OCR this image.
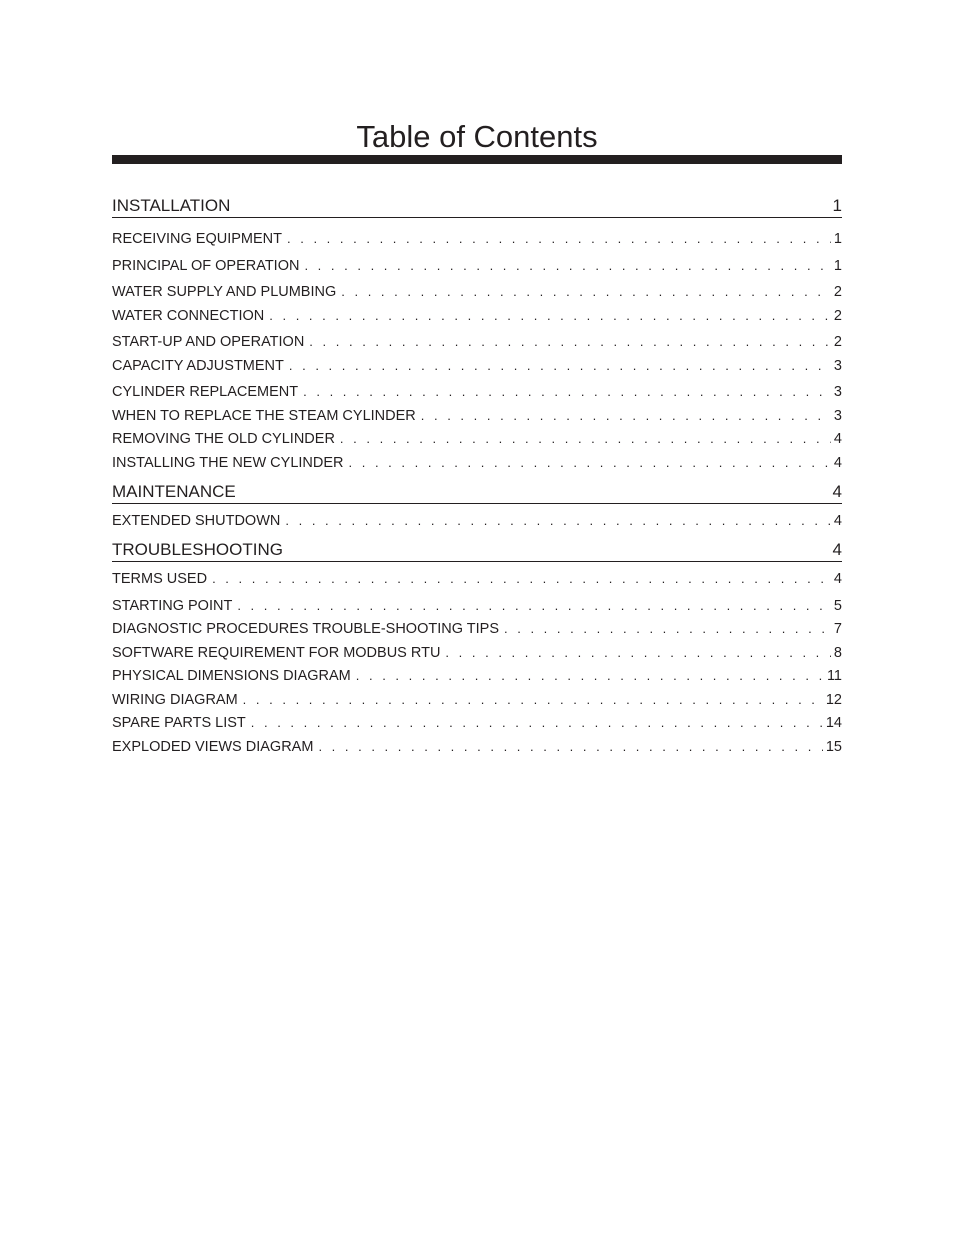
Table of Contents
INSTALLATION	1
RECEIVING EQUIPMENT . . .	1
PRINCIPAL OF OPERATION . . .	1
WATER SUPPLY AND PLUMBING . . .	2
WATER CONNECTION . . .	2
START-UP AND OPERATION . . .	2
CAPACITY ADJUSTMENT . . .	3
CYLINDER REPLACEMENT . . .	3
WHEN TO REPLACE THE STEAM CYLINDER . . .	3
REMOVING THE OLD CYLINDER . . .	4
INSTALLING THE NEW CYLINDER . . .	4
MAINTENANCE	4
EXTENDED SHUTDOWN . . .	4
TROUBLESHOOTING	4
TERMS USED . . .	4
STARTING POINT . . .	5
DIAGNOSTIC PROCEDURES TROUBLE-SHOOTING TIPS . . .	7
SOFTWARE REQUIREMENT FOR MODBUS RTU . . .	8
PHYSICAL DIMENSIONS DIAGRAM . . .	11
WIRING DIAGRAM . . .	12
SPARE PARTS LIST . . .	14
EXPLODED VIEWS DIAGRAM . . .	15
